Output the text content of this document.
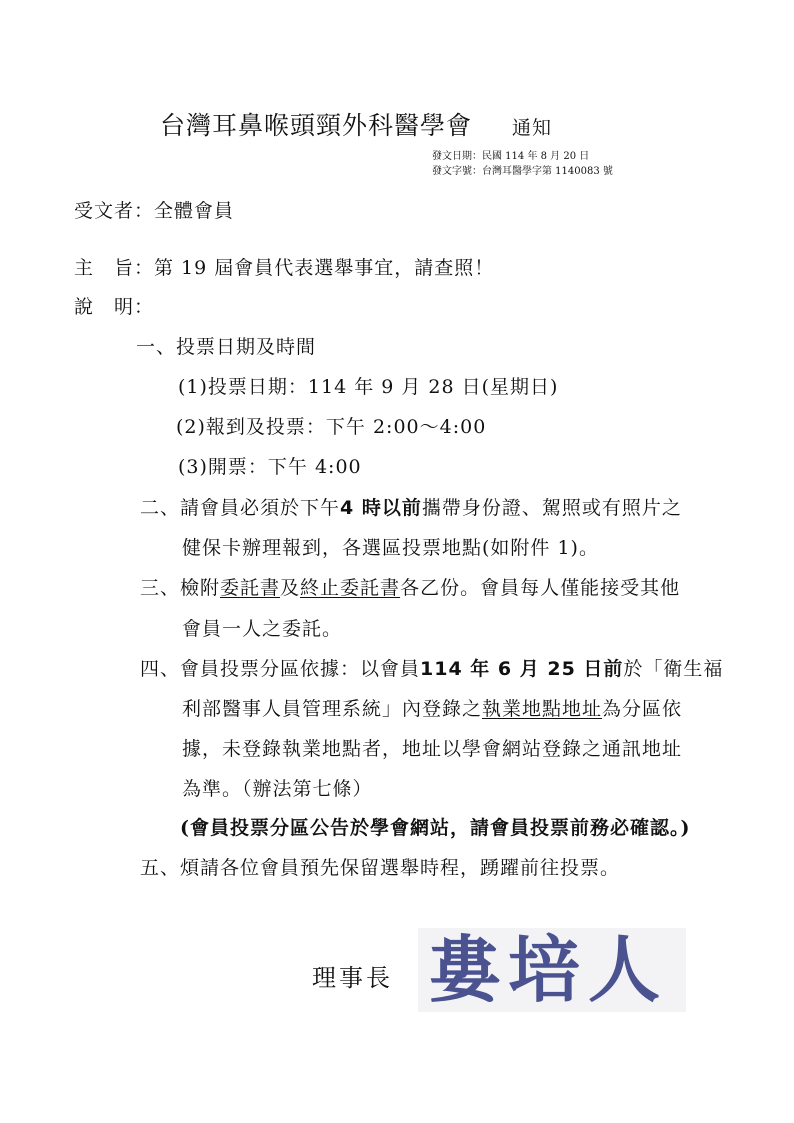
台灣耳鼻喉頭頸外科醫學會 通知
發文日期：民國 114 年 8 月 20 日
發文字號：台灣耳醫學字第 1140083 號
受文者：全體會員
主　旨：第 19 屆會員代表選舉事宜，請查照！
說　明：
一、投票日期及時間
(1)投票日期：114 年 9 月 28 日(星期日)
(2)報到及投票：下午 2:00～4:00
(3)開票：下午 4:00
二、請會員必須於下午4 時以前攜帶身份證、駕照或有照片之
健保卡辦理報到，各選區投票地點(如附件 1)。
三、檢附委託書及終止委託書各乙份。會員每人僅能接受其他
會員一人之委託。
四、會員投票分區依據：以會員114 年 6 月 25 日前於「衛生福
利部醫事人員管理系統」內登錄之執業地點地址為分區依
據，未登錄執業地點者，地址以學會網站登錄之通訊地址
為準。（辦法第七條）
(會員投票分區公告於學會網站，請會員投票前務必確認。)
五、煩請各位會員預先保留選舉時程，踴躍前往投票。
理事長 婁培人
